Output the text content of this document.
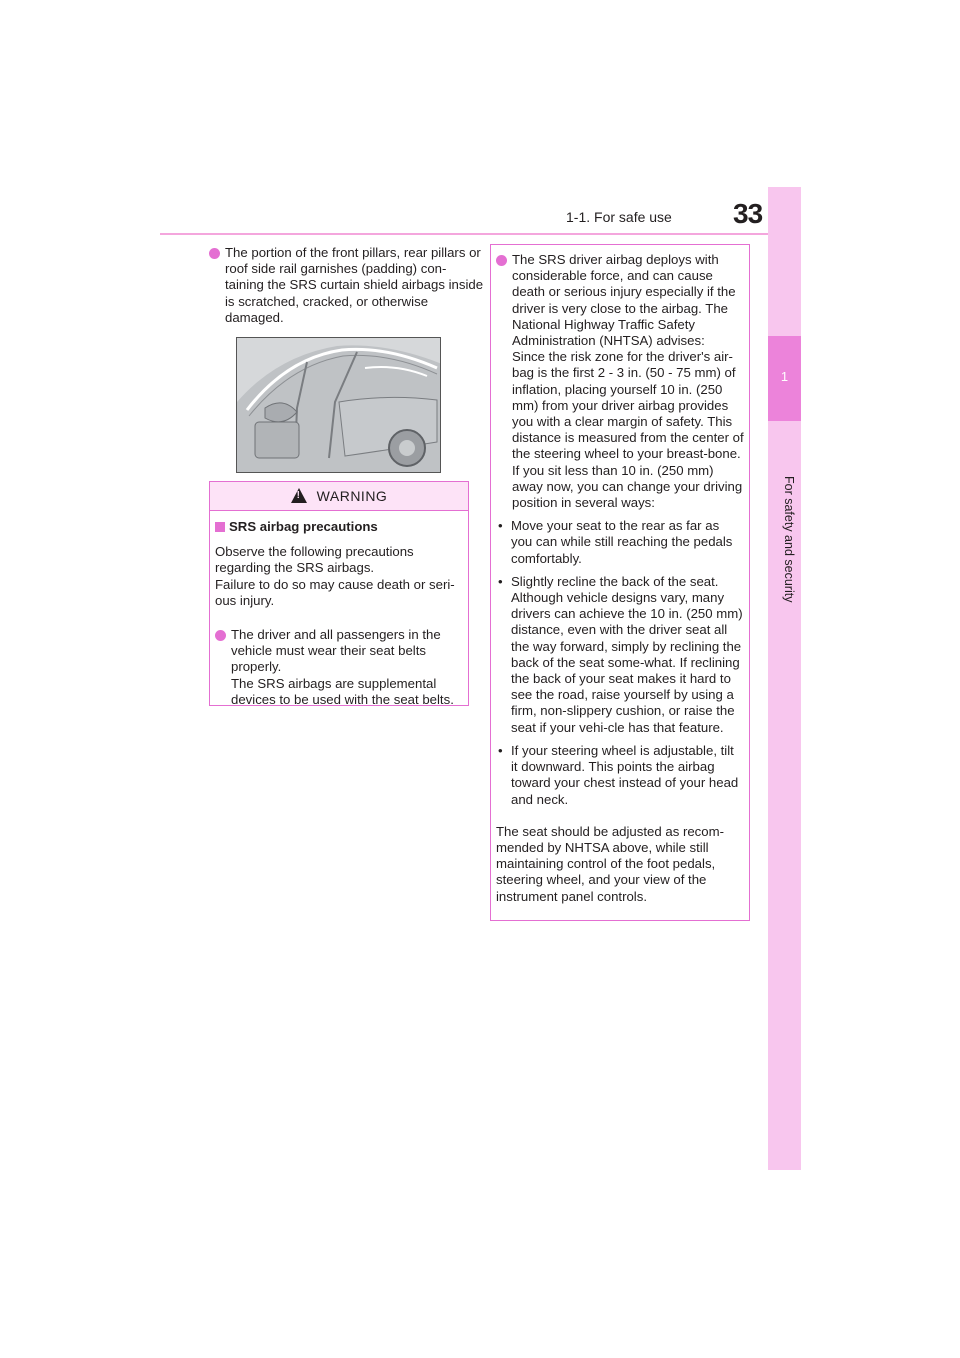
1-1. For safe use 33
1
For safety and security
The portion of the front pillars, rear pillars or roof side rail garnishes (padding) con-taining the SRS curtain shield airbags inside is scratched, cracked, or otherwise damaged.
!WARNING
SRS airbag precautions
Observe the following precautions regarding the SRS airbags.
Failure to do so may cause death or seri-ous injury.
The driver and all passengers in the vehicle must wear their seat belts properly.
The SRS airbags are supplemental devices to be used with the seat belts.
The SRS driver airbag deploys with considerable force, and can cause death or serious injury especially if the driver is very close to the airbag. The National Highway Traffic Safety Administration (NHTSA) advises:
Since the risk zone for the driver's air-bag is the first 2 - 3 in. (50 - 75 mm) of inflation, placing yourself 10 in. (250 mm) from your driver airbag provides you with a clear margin of safety. This distance is measured from the center of the steering wheel to your breast-bone. If you sit less than 10 in. (250 mm) away now, you can change your driving position in several ways:
• Move your seat to the rear as far as you can while still reaching the pedals comfortably.
• Slightly recline the back of the seat. Although vehicle designs vary, many drivers can achieve the 10 in. (250 mm) distance, even with the driver seat all the way forward, simply by reclining the back of the seat some-what. If reclining the back of your seat makes it hard to see the road, raise yourself by using a firm, non-slippery cushion, or raise the seat if your vehi-cle has that feature.
• If your steering wheel is adjustable, tilt it downward. This points the airbag toward your chest instead of your head and neck.
The seat should be adjusted as recom-mended by NHTSA above, while still maintaining control of the foot pedals, steering wheel, and your view of the instrument panel controls.
